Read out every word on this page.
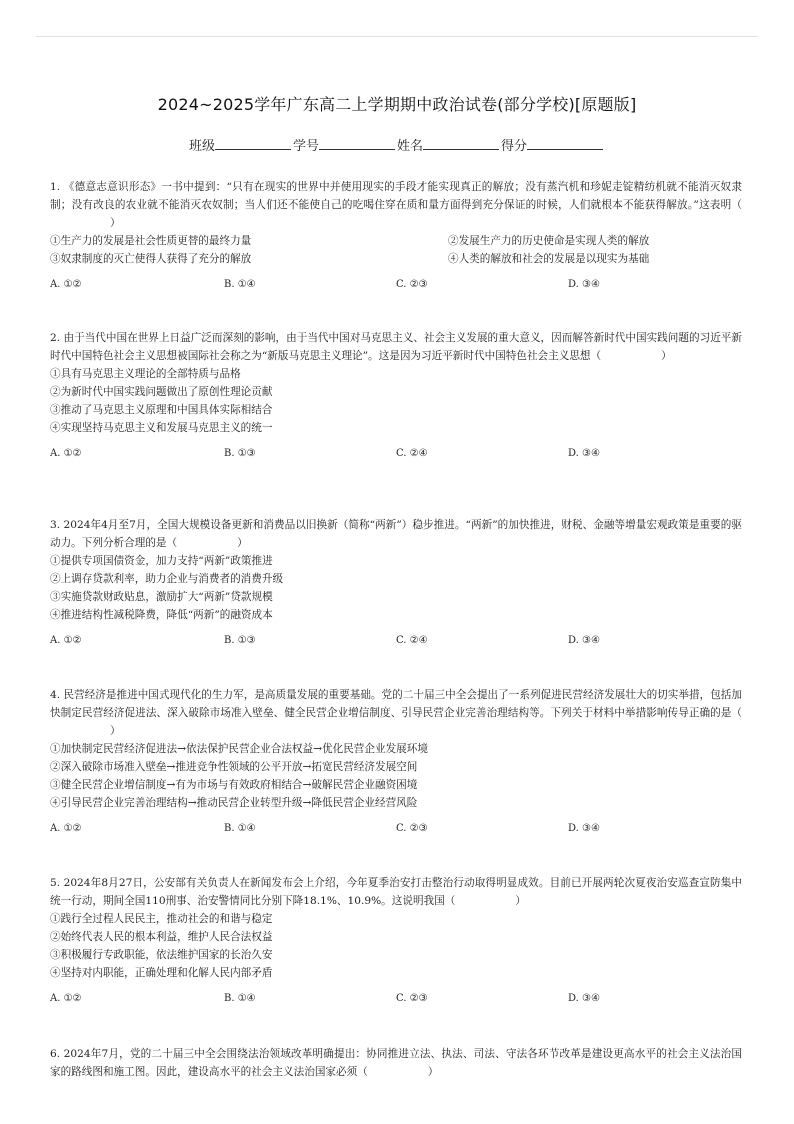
2024~2025学年广东高二上学期期中政治试卷(部分学校)[原题版]
班级	学号	姓名	得分
1. 《德意志意识形态》一书中提到：“只有在现实的世界中并使用现实的手段才能实现真正的解放；没有蒸汽机和珍妮走锭精纺机就不能消灭奴隶制；没有改良的农业就不能消灭农奴制；当人们还不能使自己的吃喝住穿在质和量方面得到充分保证的时候，人们就根本不能获得解放。”这表明（）
①生产力的发展是社会性质更替的最终力量	②发展生产力的历史使命是实现人类的解放
③奴隶制度的灭亡使得人获得了充分的解放	④人类的解放和社会的发展是以现实为基础
A. ①②	B. ①④	C. ②③	D. ③④
2. 由于当代中国在世界上日益广泛而深刻的影响，由于当代中国对马克思主义、社会主义发展的重大意义，因而解答新时代中国实践问题的习近平新时代中国特色社会主义思想被国际社会称之为“新版马克思主义理论”。这是因为习近平新时代中国特色社会主义思想（	）
①具有马克思主义理论的全部特质与品格
②为新时代中国实践问题做出了原创性理论贡献
③推动了马克思主义原理和中国具体实际相结合
④实现坚持马克思主义和发展马克思主义的统一
A. ①②	B. ①③	C. ②④	D. ③④
3. 2024年4月至7月，全国大规模设备更新和消费品以旧换新（简称“两新”）稳步推进。“两新”的加快推进，财税、金融等增量宏观政策是重要的驱动力。下列分析合理的是（	）
①提供专项国债资金，加力支持“两新”政策推进
②上调存贷款利率，助力企业与消费者的消费升级
③实施贷款财政贴息，激励扩大“两新”贷款规模
④推进结构性减税降费，降低“两新”的融资成本
A. ①②	B. ①③	C. ②④	D. ③④
4. 民营经济是推进中国式现代化的生力军，是高质量发展的重要基础。党的二十届三中全会提出了一系列促进民营经济发展壮大的切实举措，包括加快制定民营经济促进法、深入破除市场准入壁垒、健全民营企业增信制度、引导民营企业完善治理结构等。下列关于材料中举措影响传导正确的是（）
①加快制定民营经济促进法→依法保护民营企业合法权益→优化民营企业发展环境
②深入破除市场准入壁垒→推进竞争性领域的公平开放→拓宽民营经济发展空间
③健全民营企业增信制度→有为市场与有效政府相结合→破解民营企业融资困境
④引导民营企业完善治理结构→推动民营企业转型升级→降低民营企业经营风险
A. ①②	B. ①④	C. ②③	D. ③④
5. 2024年8月27日，公安部有关负责人在新闻发布会上介绍，今年夏季治安打击整治行动取得明显成效。目前已开展两轮次夏夜治安巡查宣防集中统一行动，期间全国110刑事、治安警情同比分别下降18.1%、10.9%。这说明我国（	）
①践行全过程人民民主，推动社会的和谐与稳定
②始终代表人民的根本利益，维护人民合法权益
③积极履行专政职能，依法维护国家的长治久安
④坚持对内职能，正确处理和化解人民内部矛盾
A. ①②	B. ①④	C. ②③	D. ③④
6. 2024年7月，党的二十届三中全会围绕法治领域改革明确提出：协同推进立法、执法、司法、守法各环节改革是建设更高水平的社会主义法治国家的路线图和施工图。因此，建设高水平的社会主义法治国家必须（	）
